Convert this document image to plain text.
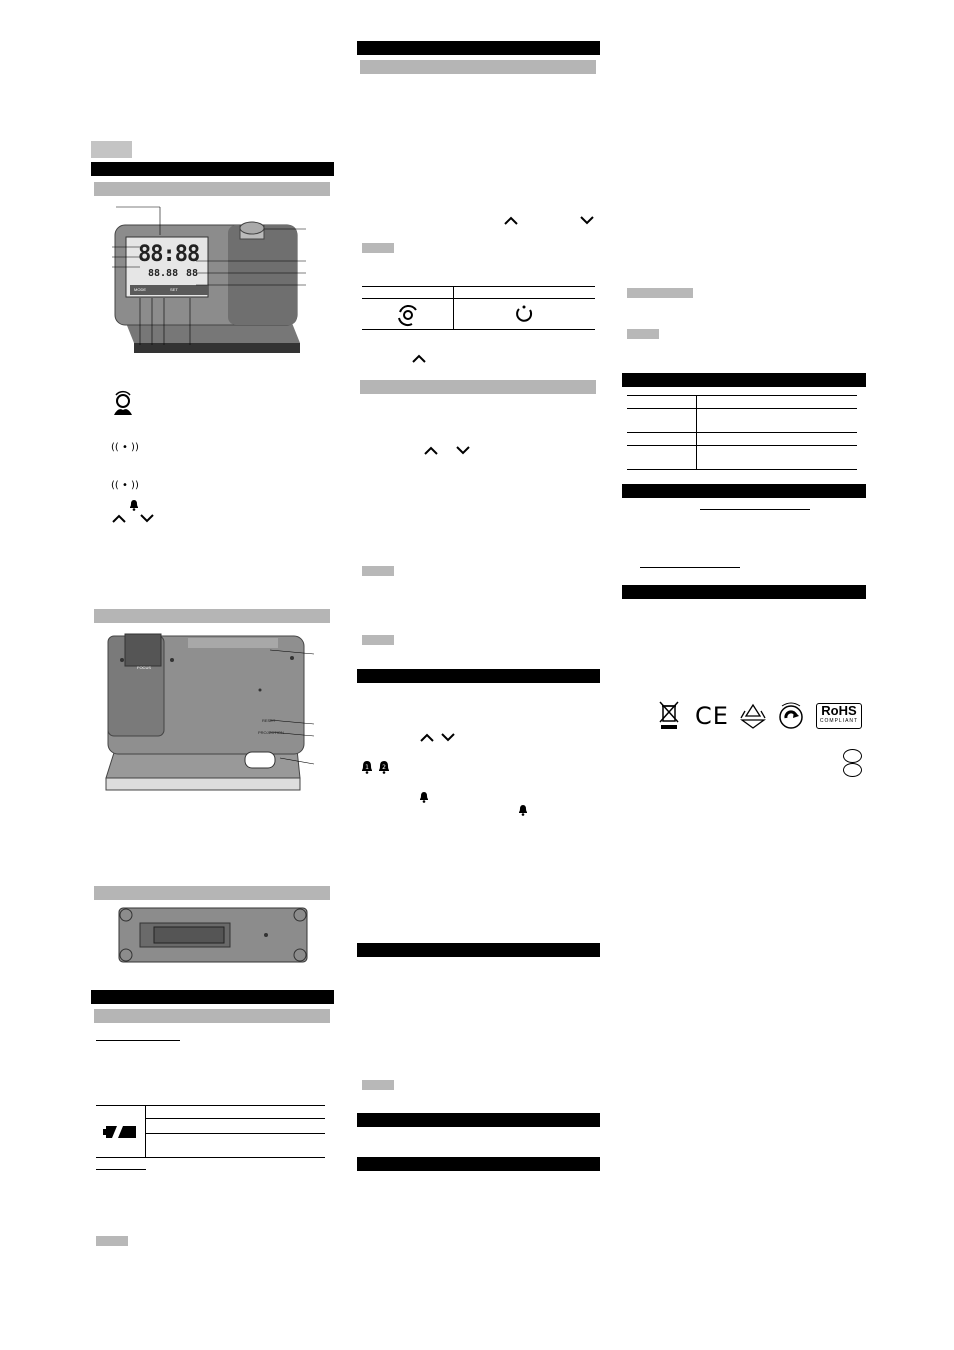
88:88
88.88 88
MODE	SET
(( • ))
(( • ))
FOCUS
RESET
PROJECTION
1 2
CE	RoHS
COMPLIANT
